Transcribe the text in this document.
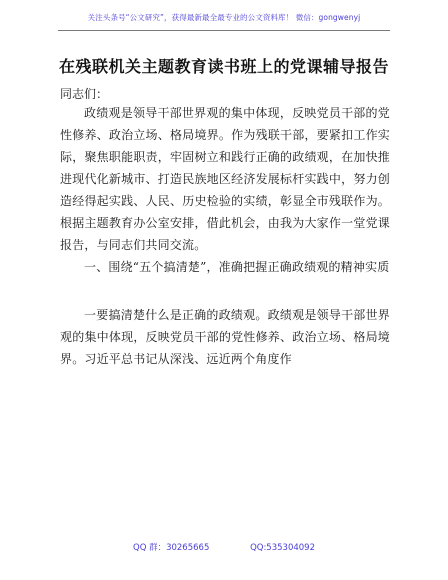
关注头条号“公文研究”，获得最新最全最专业的公文资料库！ 微信：gongwenyj
在残联机关主题教育读书班上的党课辅导报告
同志们：

政绩观是领导干部世界观的集中体现，反映党员干部的党性修养、政治立场、格局境界。作为残联干部，要紧扣工作实际，聚焦职能职责，牢固树立和践行正确的政绩观，在加快推进现代化新城市、打造民族地区经济发展标杆实践中，努力创造经得起实践、人民、历史检验的实绩，彰显全市残联作为。根据主题教育办公室安排，借此机会，由我为大家作一堂党课报告，与同志们共同交流。

一、围绕“五个搞清楚”，准确把握正确政绩观的精神实质

一要搞清楚什么是正确的政绩观。政绩观是领导干部世界观的集中体现，反映党员干部的党性修养、政治立场、格局境界。习近平总书记从深浅、远近两个角度作

QQ 群：30265665	QQ:535304092
